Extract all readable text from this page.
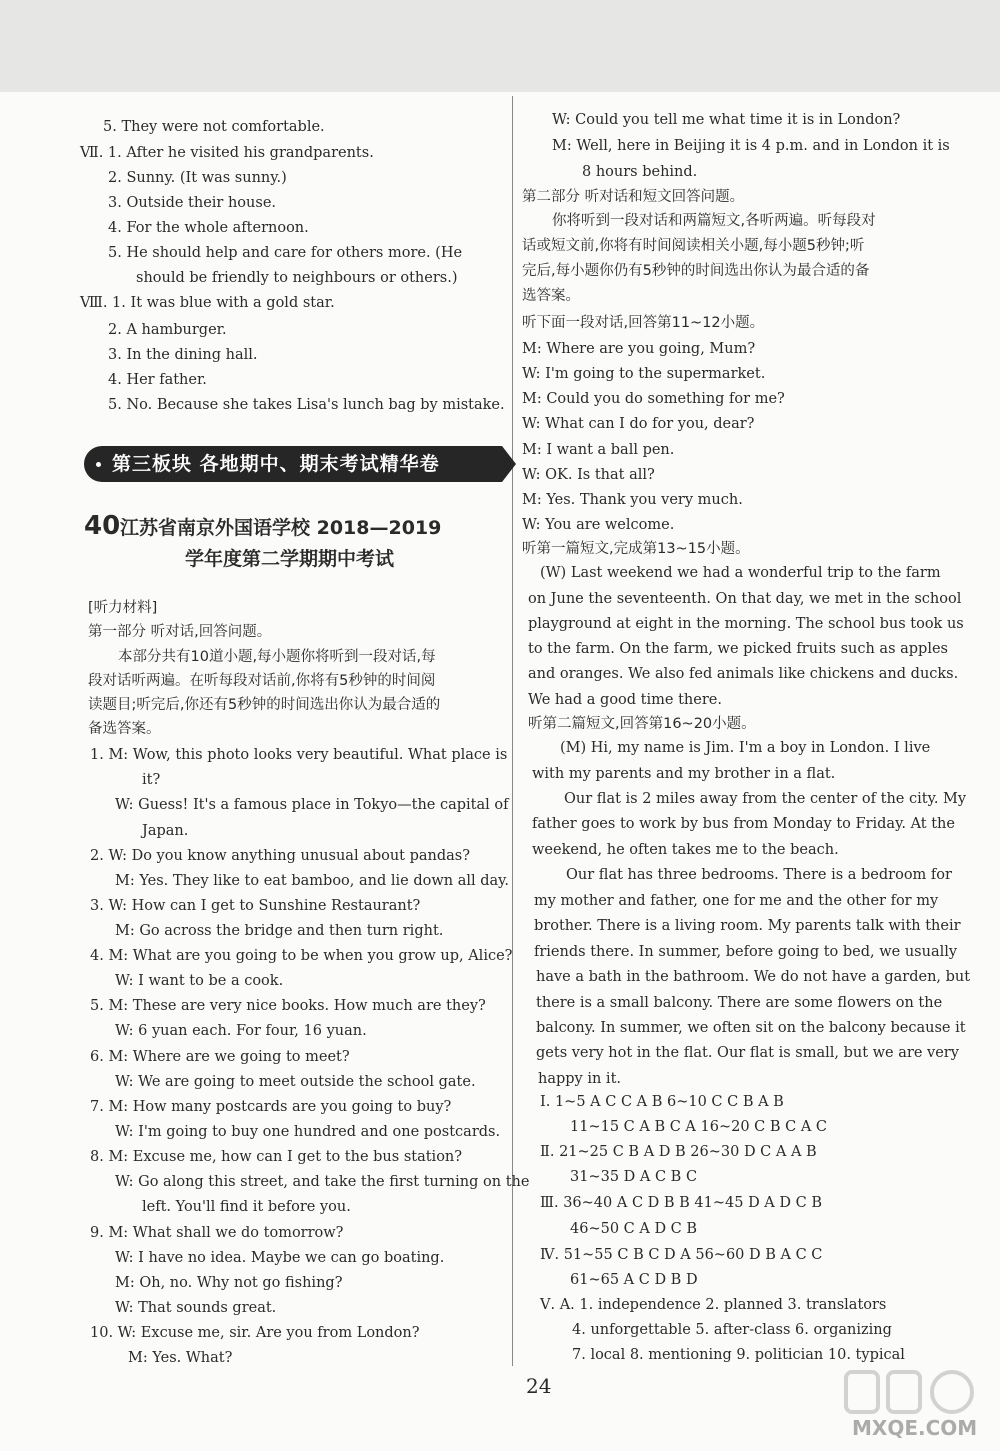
5. They were not comfortable.
Ⅶ. 1. After he visited his grandparents.
2. Sunny. (It was sunny.)
3. Outside their house.
4. For the whole afternoon.
5. He should help and care for others more. (He
should be friendly to neighbours or others.)
Ⅷ. 1. It was blue with a gold star.
2. A hamburger.
3. In the dining hall.
4. Her father.
5. No. Because she takes Lisa's lunch bag by mistake.
第三板块 各地期中、期末考试精华卷
40 江苏省南京外国语学校 2018—2019
学年度第二学期期中考试
[听力材料]
第一部分 听对话,回答问题。
本部分共有10道小题,每小题你将听到一段对话,每
段对话听两遍。在听每段对话前,你将有5秒钟的时间阅
读题目;听完后,你还有5秒钟的时间选出你认为最合适的
备选答案。
1. M: Wow, this photo looks very beautiful. What place is
it?
W: Guess! It's a famous place in Tokyo—the capital of
Japan.
2. W: Do you know anything unusual about pandas?
M: Yes. They like to eat bamboo, and lie down all day.
3. W: How can I get to Sunshine Restaurant?
M: Go across the bridge and then turn right.
4. M: What are you going to be when you grow up, Alice?
W: I want to be a cook.
5. M: These are very nice books. How much are they?
W: 6 yuan each. For four, 16 yuan.
6. M: Where are we going to meet?
W: We are going to meet outside the school gate.
7. M: How many postcards are you going to buy?
W: I'm going to buy one hundred and one postcards.
8. M: Excuse me, how can I get to the bus station?
W: Go along this street, and take the first turning on the
left. You'll find it before you.
9. M: What shall we do tomorrow?
W: I have no idea. Maybe we can go boating.
M: Oh, no. Why not go fishing?
W: That sounds great.
10. W: Excuse me, sir. Are you from London?
M: Yes. What?
W: Could you tell me what time it is in London?
M: Well, here in Beijing it is 4 p.m. and in London it is
8 hours behind.
第二部分 听对话和短文回答问题。
你将听到一段对话和两篇短文,各听两遍。听每段对
话或短文前,你将有时间阅读相关小题,每小题5秒钟;听
完后,每小题你仍有5秒钟的时间选出你认为最合适的备
选答案。
听下面一段对话,回答第11~12小题。
M: Where are you going, Mum?
W: I'm going to the supermarket.
M: Could you do something for me?
W: What can I do for you, dear?
M: I want a ball pen.
W: OK. Is that all?
M: Yes. Thank you very much.
W: You are welcome.
听第一篇短文,完成第13~15小题。
(W) Last weekend we had a wonderful trip to the farm
on June the seventeenth. On that day, we met in the school
playground at eight in the morning. The school bus took us
to the farm. On the farm, we picked fruits such as apples
and oranges. We also fed animals like chickens and ducks.
We had a good time there.
听第二篇短文,回答第16~20小题。
(M) Hi, my name is Jim. I'm a boy in London. I live
with my parents and my brother in a flat.
Our flat is 2 miles away from the center of the city. My
father goes to work by bus from Monday to Friday. At the
weekend, he often takes me to the beach.
Our flat has three bedrooms. There is a bedroom for
my mother and father, one for me and the other for my
brother. There is a living room. My parents talk with their
friends there. In summer, before going to bed, we usually
have a bath in the bathroom. We do not have a garden, but
there is a small balcony. There are some flowers on the
balcony. In summer, we often sit on the balcony because it
gets very hot in the flat. Our flat is small, but we are very
happy in it.
Ⅰ. 1~5 A C C A B 6~10 C C B A B
11~15 C A B C A 16~20 C B C A C
Ⅱ. 21~25 C B A D B 26~30 D C A A B
31~35 D A C B C
Ⅲ. 36~40 A C D B B 41~45 D A D C B
46~50 C A D C B
Ⅳ. 51~55 C B C D A 56~60 D B A C C
61~65 A C D B D
Ⅴ. A. 1. independence 2. planned 3. translators
4. unforgettable 5. after-class 6. organizing
7. local 8. mentioning 9. politician 10. typical
24
MXQE.COM
